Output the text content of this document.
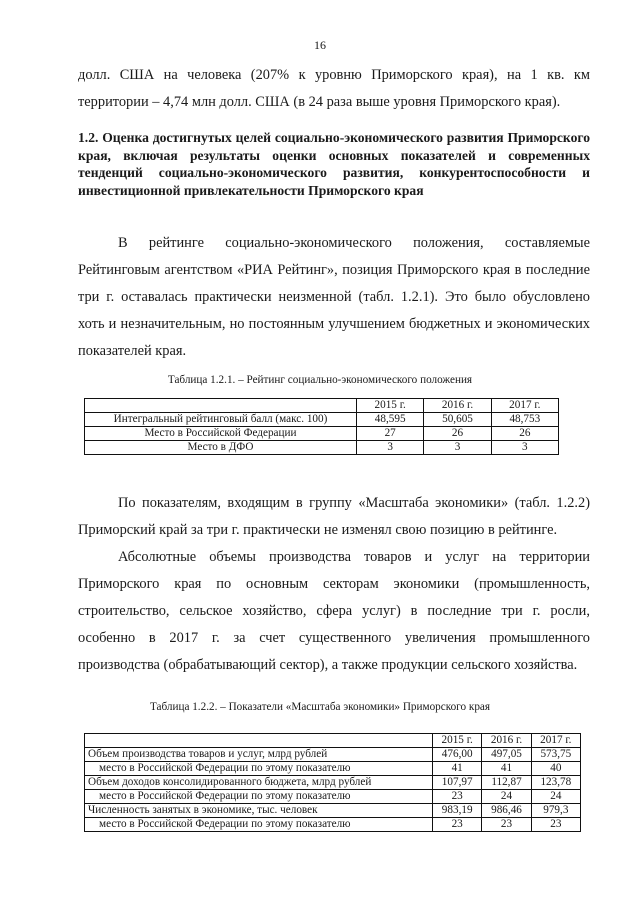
16

долл. США на человека (207% к уровню Приморского края), на 1 кв. км территории – 4,74 млн долл. США (в 24 раза выше уровня Приморского края).

1.2. Оценка достигнутых целей социально-экономического развития Приморского края, включая результаты оценки основных показателей и современных тенденций социально-экономического развития, конкурентоспособности и инвестиционной привлекательности Приморского края

В рейтинге социально-экономического положения, составляемые Рейтинговым агентством «РИА Рейтинг», позиция Приморского края в последние три г. оставалась практически неизменной (табл. 1.2.1). Это было обусловлено хоть и незначительным, но постоянным улучшением бюджетных и экономических показателей края.

Таблица 1.2.1. – Рейтинг социально-экономического положения
	2015 г.	2016 г.	2017 г.
Интегральный рейтинговый балл (макс. 100)	48,595	50,605	48,753
Место в Российской Федерации	27	26	26
Место в ДФО	3	3	3

По показателям, входящим в группу «Масштаба экономики» (табл. 1.2.2) Приморский край за три г. практически не изменял свою позицию в рейтинге.

Абсолютные объемы производства товаров и услуг на территории Приморского края по основным секторам экономики (промышленность, строительство, сельское хозяйство, сфера услуг) в последние три г. росли, особенно в 2017 г. за счет существенного увеличения промышленного производства (обрабатывающий сектор), а также продукции сельского хозяйства.

Таблица 1.2.2. – Показатели «Масштаба экономики» Приморского края
	2015 г.	2016 г.	2017 г.
Объем производства товаров и услуг, млрд рублей	476,00	497,05	573,75
место в Российской Федерации по этому показателю	41	41	40
Объем доходов консолидированного бюджета, млрд рублей	107,97	112,87	123,78
место в Российской Федерации по этому показателю	23	24	24
Численность занятых в экономике, тыс. человек	983,19	986,46	979,3
место в Российской Федерации по этому показателю	23	23	23
